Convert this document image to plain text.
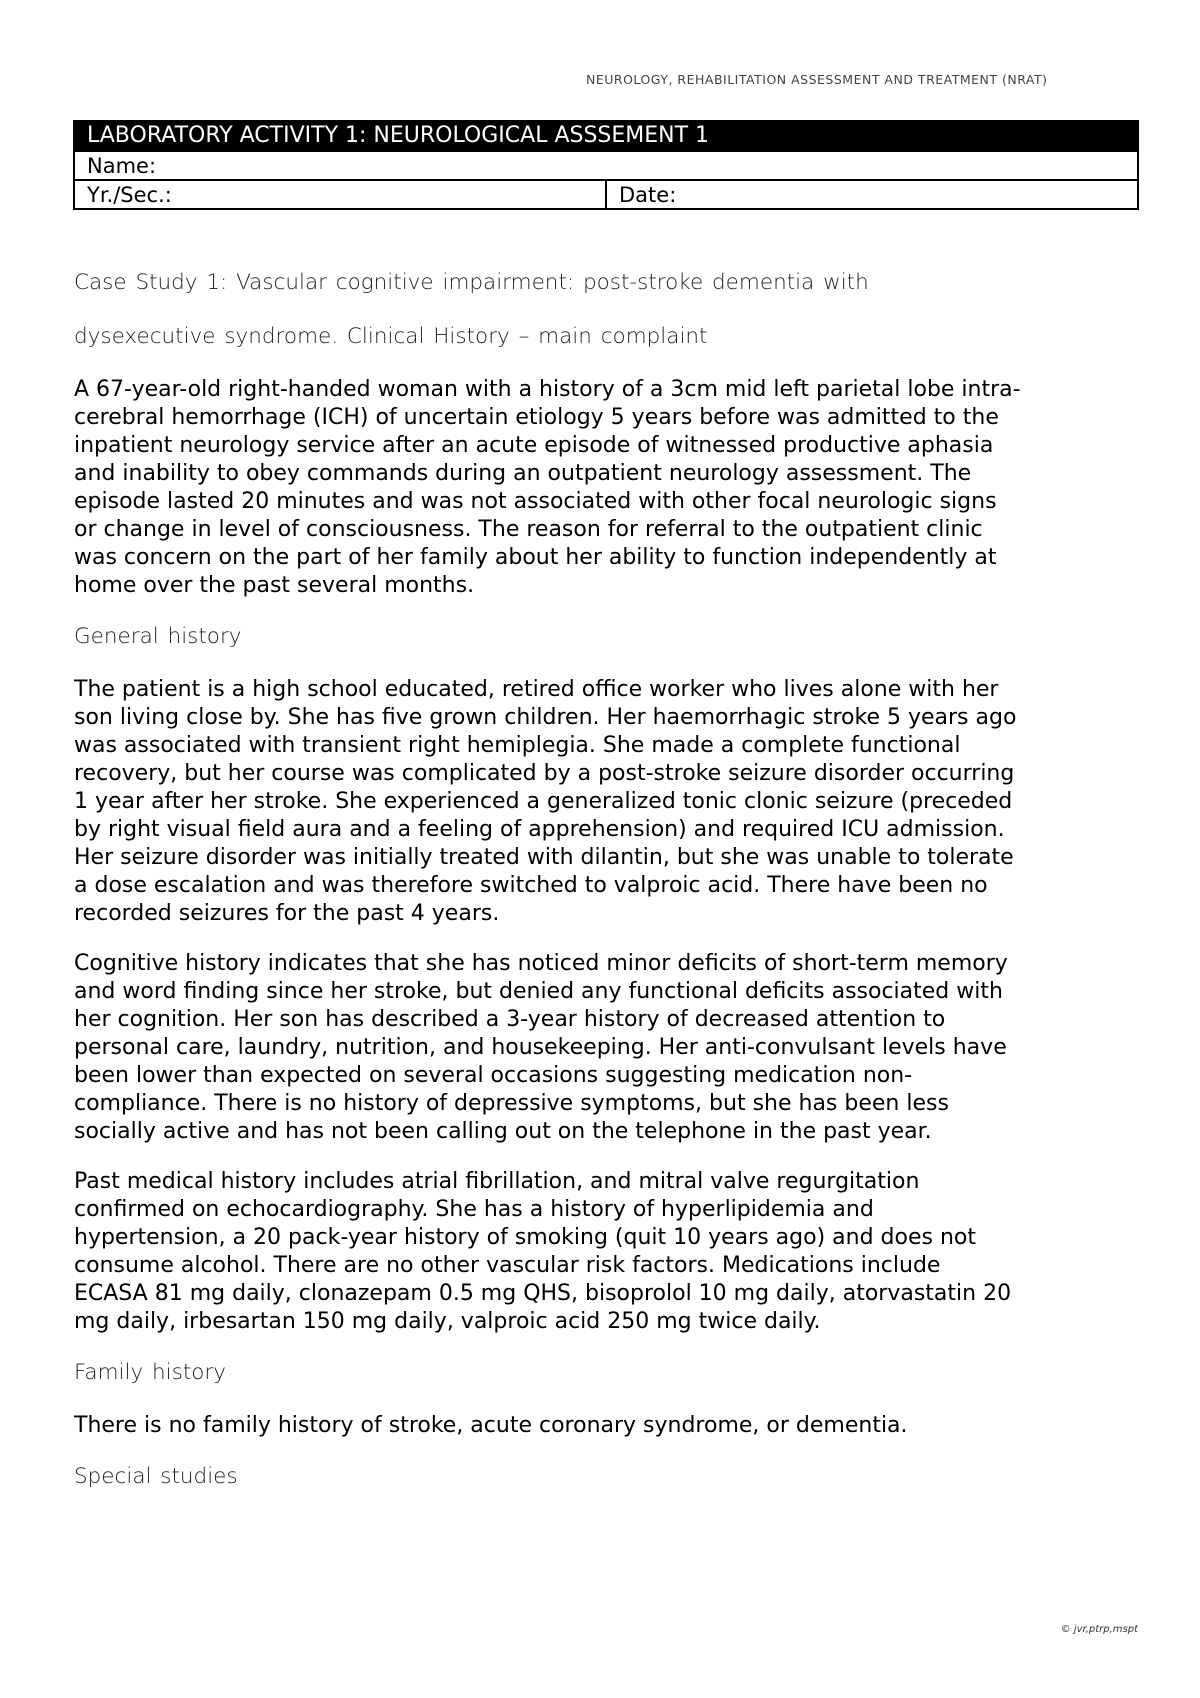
NEUROLOGY, REHABILITATION ASSESSMENT AND TREATMENT (NRAT)
LABORATORY ACTIVITY 1: NEUROLOGICAL ASSSEMENT 1
Name:
Yr./Sec.:	Date:

Case Study 1: Vascular cognitive impairment: post-stroke dementia with

dysexecutive syndrome. Clinical History – main complaint

A 67-year-old right-handed woman with a history of a 3cm mid left parietal lobe intra-
cerebral hemorrhage (ICH) of uncertain etiology 5 years before was admitted to the
inpatient neurology service after an acute episode of witnessed productive aphasia
and inability to obey commands during an outpatient neurology assessment. The
episode lasted 20 minutes and was not associated with other focal neurologic signs
or change in level of consciousness. The reason for referral to the outpatient clinic
was concern on the part of her family about her ability to function independently at
home over the past several months.

General history

The patient is a high school educated, retired office worker who lives alone with her
son living close by. She has five grown children. Her haemorrhagic stroke 5 years ago
was associated with transient right hemiplegia. She made a complete functional
recovery, but her course was complicated by a post-stroke seizure disorder occurring
1 year after her stroke. She experienced a generalized tonic clonic seizure (preceded
by right visual field aura and a feeling of apprehension) and required ICU admission.
Her seizure disorder was initially treated with dilantin, but she was unable to tolerate
a dose escalation and was therefore switched to valproic acid. There have been no
recorded seizures for the past 4 years.

Cognitive history indicates that she has noticed minor deficits of short-term memory
and word finding since her stroke, but denied any functional deficits associated with
her cognition. Her son has described a 3-year history of decreased attention to
personal care, laundry, nutrition, and housekeeping. Her anti-convulsant levels have
been lower than expected on several occasions suggesting medication non-
compliance. There is no history of depressive symptoms, but she has been less
socially active and has not been calling out on the telephone in the past year.

Past medical history includes atrial fibrillation, and mitral valve regurgitation
confirmed on echocardiography. She has a history of hyperlipidemia and
hypertension, a 20 pack-year history of smoking (quit 10 years ago) and does not
consume alcohol. There are no other vascular risk factors. Medications include
ECASA 81 mg daily, clonazepam 0.5 mg QHS, bisoprolol 10 mg daily, atorvastatin 20
mg daily, irbesartan 150 mg daily, valproic acid 250 mg twice daily.

Family history

There is no family history of stroke, acute coronary syndrome, or dementia.

Special studies

© jvr,ptrp,mspt
